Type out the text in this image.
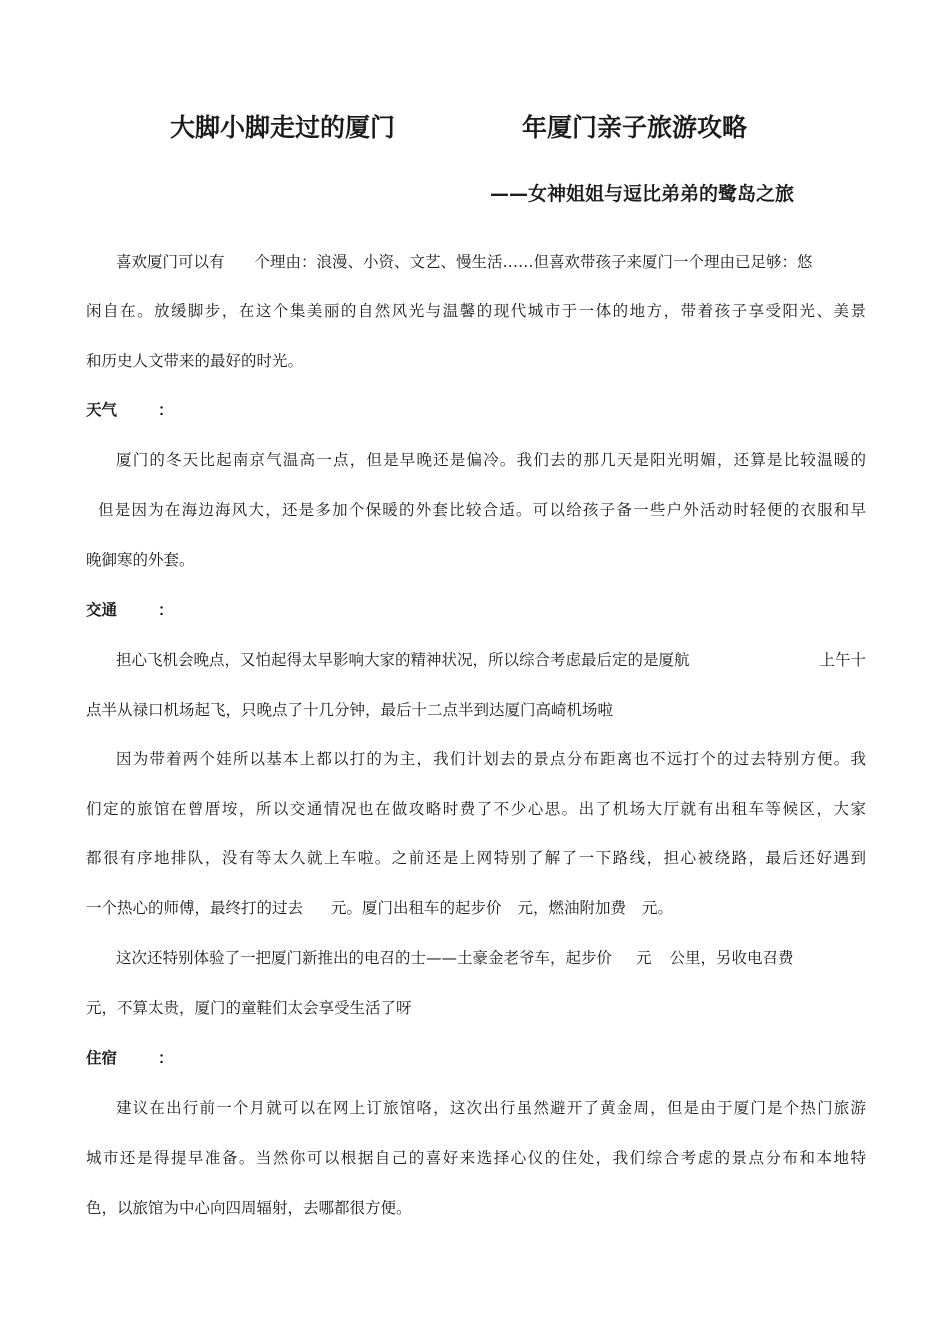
大脚小脚走过的厦门	年厦门亲子旅游攻略
——女神姐姐与逗比弟弟的鹭岛之旅
喜欢厦门可以有 个理由：浪漫、小资、文艺、慢生活……但喜欢带孩子来厦门一个理由已足够：悠
闲自在。放缓脚步，在这个集美丽的自然风光与温馨的现代城市于一体的地方，带着孩子享受阳光、美景
和历史人文带来的最好的时光。
天气	：
厦门的冬天比起南京气温高一点，但是早晚还是偏冷。我们去的那几天是阳光明媚，还算是比较温暖的
但是因为在海边海风大，还是多加个保暖的外套比较合适。可以给孩子备一些户外活动时轻便的衣服和早
晚御寒的外套。
交通	：
担心飞机会晚点，又怕起得太早影响大家的精神状况，所以综合考虑最后定的是厦航	上午十
点半从禄口机场起飞，只晚点了十几分钟，最后十二点半到达厦门高崎机场啦
因为带着两个娃所以基本上都以打的为主，我们计划去的景点分布距离也不远打个的过去特别方便。我
们定的旅馆在曾厝垵，所以交通情况也在做攻略时费了不少心思。出了机场大厅就有出租车等候区，大家
都很有序地排队，没有等太久就上车啦。之前还是上网特别了解了一下路线，担心被绕路，最后还好遇到
一个热心的师傅，最终打的过去 元。厦门出租车的起步价 元，燃油附加费 元。
这次还特别体验了一把厦门新推出的电召的士——土豪金老爷车，起步价 元 公里，另收电召费
元，不算太贵，厦门的童鞋们太会享受生活了呀
住宿	：
建议在出行前一个月就可以在网上订旅馆咯，这次出行虽然避开了黄金周，但是由于厦门是个热门旅游
城市还是得提早准备。当然你可以根据自己的喜好来选择心仪的住处，我们综合考虑的景点分布和本地特
色，以旅馆为中心向四周辐射，去哪都很方便。
